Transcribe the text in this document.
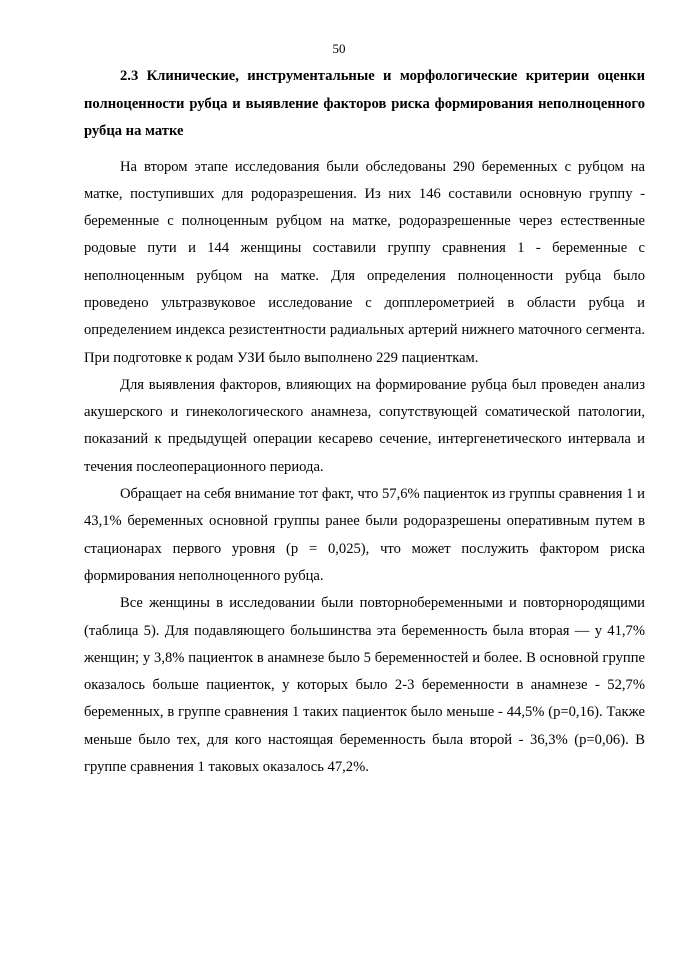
50

2.3 Клинические, инструментальные и морфологические критерии оценки полноценности рубца и выявление факторов риска формирования неполноценного рубца на матке

На втором этапе исследования были обследованы 290 беременных с рубцом на матке, поступивших для родоразрешения. Из них 146 составили основную группу - беременные с полноценным рубцом на матке, родоразрешенные через естественные родовые пути и 144 женщины составили группу сравнения 1 - беременные с неполноценным рубцом на матке. Для определения полноценности рубца было проведено ультразвуковое исследование с допплерометрией в области рубца и определением индекса резистентности радиальных артерий нижнего маточного сегмента. При подготовке к родам УЗИ было выполнено 229 пациенткам.

Для выявления факторов, влияющих на формирование рубца был проведен анализ акушерского и гинекологического анамнеза, сопутствующей соматической патологии, показаний к предыдущей операции кесарево сечение, интергенетического интервала и течения послеоперационного периода.

Обращает на себя внимание тот факт, что 57,6% пациенток из группы сравнения 1 и 43,1% беременных основной группы ранее были родоразрешены оперативным путем в стационарах первого уровня (р = 0,025), что может послужить фактором риска формирования неполноценного рубца.

Все женщины в исследовании были повторнобеременными и повторнородящими (таблица 5). Для подавляющего большинства эта беременность была вторая — у 41,7% женщин; у 3,8% пациенток в анамнезе было 5 беременностей и более. В основной группе оказалось больше пациенток, у которых было 2-3 беременности в анамнезе - 52,7% беременных, в группе сравнения 1 таких пациенток было меньше - 44,5% (р=0,16). Также меньше было тех, для кого настоящая беременность была второй - 36,3% (р=0,06). В группе сравнения 1 таковых оказалось 47,2%.
